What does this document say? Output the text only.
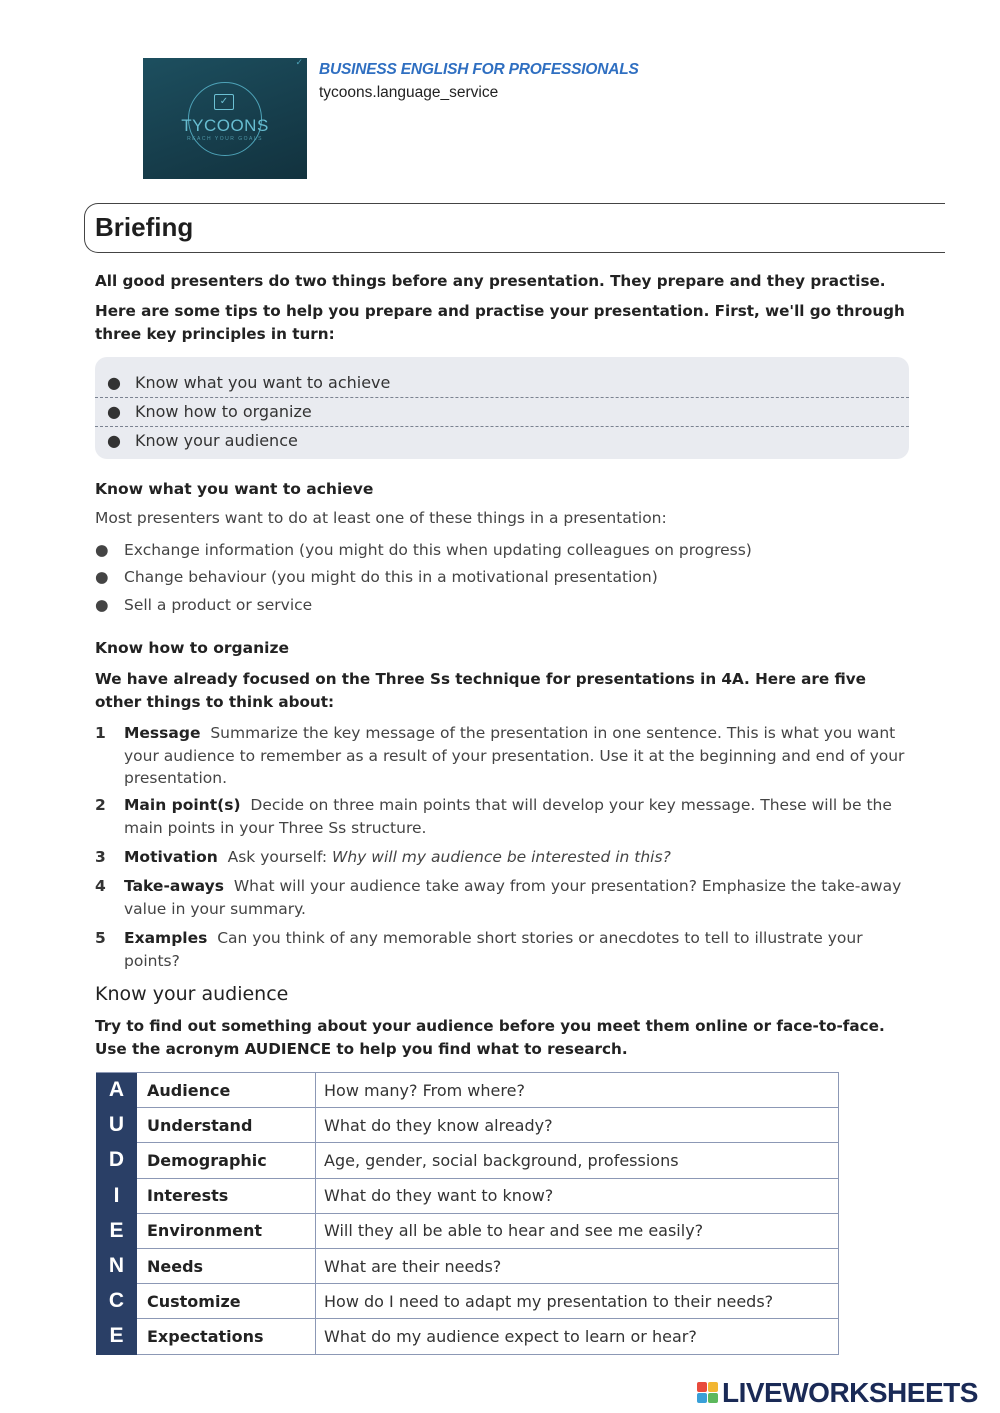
✓
TYCOONS
REACH YOUR GOALS
✓ BUSINESS ENGLISH FOR PROFESSIONALS
tycoons.language_service
Briefing
All good presenters do two things before any presentation. They prepare and they practise.
Here are some tips to help you prepare and practise your presentation. First, we'll go through three key principles in turn:
● Know what you want to achieve
● Know how to organize
● Know your audience
Know what you want to achieve
Most presenters want to do at least one of these things in a presentation:
● Exchange information (you might do this when updating colleagues on progress)
● Change behaviour (you might do this in a motivational presentation)
● Sell a product or service
Know how to organize
We have already focused on the Three Ss technique for presentations in 4A. Here are five other things to think about:
1 Message Summarize the key message of the presentation in one sentence. This is what you want your audience to remember as a result of your presentation. Use it at the beginning and end of your presentation.
2 Main point(s) Decide on three main points that will develop your key message. These will be the main points in your Three Ss structure.
3 Motivation Ask yourself: Why will my audience be interested in this?
4 Take-aways What will your audience take away from your presentation? Emphasize the take-away value in your summary.
5 Examples Can you think of any memorable short stories or anecdotes to tell to illustrate your points?
Know your audience
Try to find out something about your audience before you meet them online or face-to-face. Use the acronym AUDIENCE to help you find what to research.
A	Audience	How many? From where?
U	Understand	What do they know already?
D	Demographic	Age, gender, social background, professions
I	Interests	What do they want to know?
E	Environment	Will they all be able to hear and see me easily?
N	Needs	What are their needs?
C	Customize	How do I need to adapt my presentation to their needs?
E	Expectations	What do my audience expect to learn or hear?
LIVEWORKSHEETS
